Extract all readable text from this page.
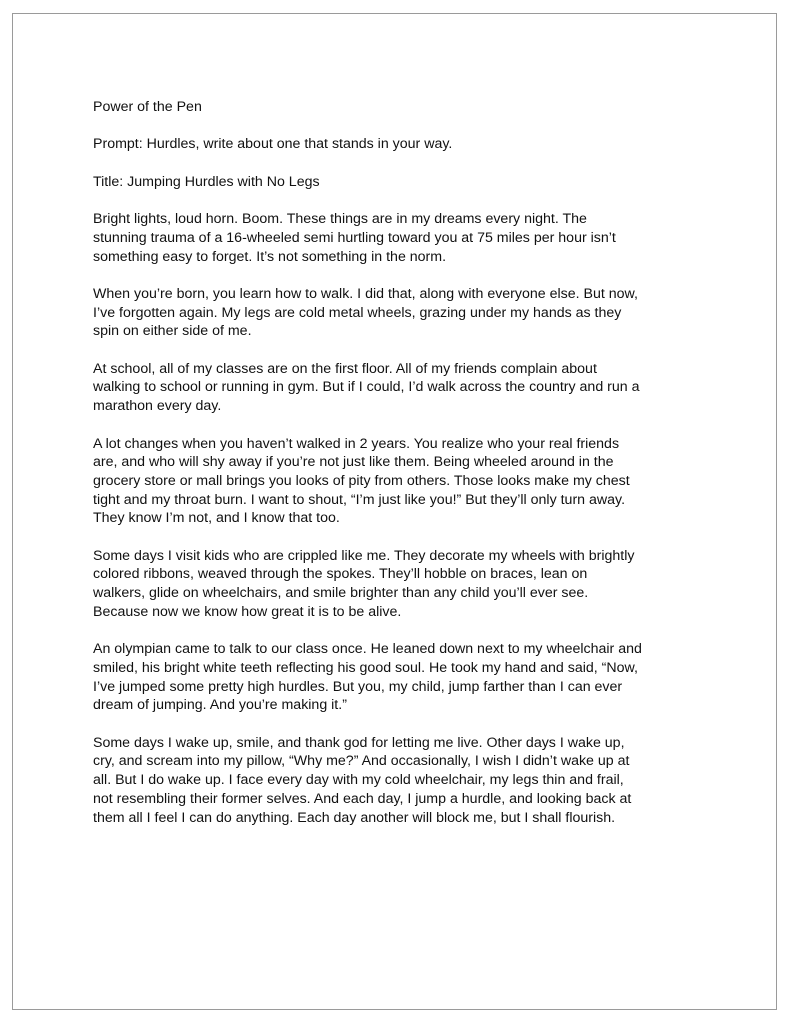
Power of the Pen

Prompt: Hurdles, write about one that stands in your way.

Title: Jumping Hurdles with No Legs

Bright lights, loud horn. Boom. These things are in my dreams every night. The

stunning trauma of a 16-wheeled semi hurtling toward you at 75 miles per hour isn’t

something easy to forget. It’s not something in the norm.

When you’re born, you learn how to walk. I did that, along with everyone else. But now,

I’ve forgotten again. My legs are cold metal wheels, grazing under my hands as they

spin on either side of me.

At school, all of my classes are on the first floor. All of my friends complain about

walking to school or running in gym. But if I could, I’d walk across the country and run a

marathon every day.

A lot changes when you haven’t walked in 2 years. You realize who your real friends

are, and who will shy away if you’re not just like them. Being wheeled around in the

grocery store or mall brings you looks of pity from others. Those looks make my chest

tight and my throat burn. I want to shout, “I’m just like you!” But they’ll only turn away.

They know I’m not, and I know that too.

Some days I visit kids who are crippled like me. They decorate my wheels with brightly

colored ribbons, weaved through the spokes. They’ll hobble on braces, lean on

walkers, glide on wheelchairs, and smile brighter than any child you’ll ever see.

Because now we know how great it is to be alive.

An olympian came to talk to our class once. He leaned down next to my wheelchair and

smiled, his bright white teeth reflecting his good soul. He took my hand and said, “Now,

I’ve jumped some pretty high hurdles. But you, my child, jump farther than I can ever

dream of jumping. And you’re making it.”

Some days I wake up, smile, and thank god for letting me live. Other days I wake up,

cry, and scream into my pillow, “Why me?” And occasionally, I wish I didn’t wake up at

all. But I do wake up. I face every day with my cold wheelchair, my legs thin and frail,

not resembling their former selves. And each day, I jump a hurdle, and looking back at

them all I feel I can do anything. Each day another will block me, but I shall flourish.
